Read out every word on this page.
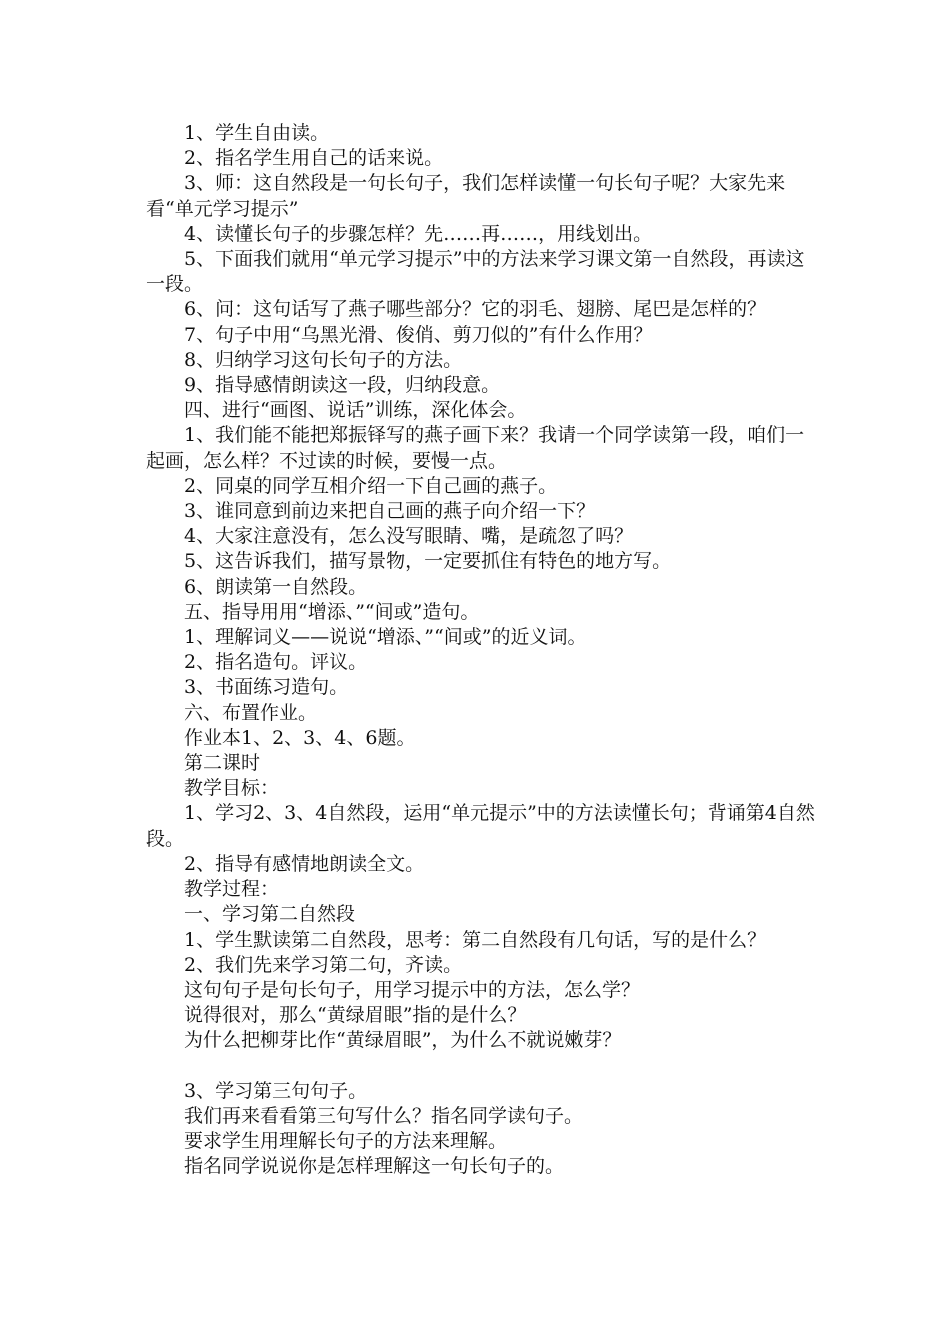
1、学生自由读。

2、指名学生用自己的话来说。

3、师：这自然段是一句长句子，我们怎样读懂一句长句子呢？大家先来看“单元学习提示”

4、读懂长句子的步骤怎样？先……再……，用线划出。

5、下面我们就用“单元学习提示”中的方法来学习课文第一自然段，再读这一段。

6、问：这句话写了燕子哪些部分？它的羽毛、翅膀、尾巴是怎样的？

7、句子中用“乌黑光滑、俊俏、剪刀似的”有什么作用？

8、归纳学习这句长句子的方法。

9、指导感情朗读这一段，归纳段意。

四、进行“画图、说话”训练，深化体会。

1、我们能不能把郑振铎写的燕子画下来？我请一个同学读第一段，咱们一起画，怎么样？不过读的时候，要慢一点。

2、同桌的同学互相介绍一下自己画的燕子。

3、谁同意到前边来把自己画的燕子向介绍一下？

4、大家注意没有，怎么没写眼睛、嘴，是疏忽了吗？

5、这告诉我们，描写景物，一定要抓住有特色的地方写。

6、朗读第一自然段。

五、指导用用“增添、”“间或”造句。

1、理解词义——说说“增添、”“间或”的近义词。

2、指名造句。评议。

3、书面练习造句。

六、布置作业。

作业本1、2、3、4、6题。

第二课时

教学目标：

1、学习2、3、4自然段，运用“单元提示”中的方法读懂长句；背诵第4自然段。

2、指导有感情地朗读全文。

教学过程：

一、学习第二自然段

1、学生默读第二自然段，思考：第二自然段有几句话，写的是什么？

2、我们先来学习第二句，齐读。

这句句子是句长句子，用学习提示中的方法，怎么学？

说得很对，那么“黄绿眉眼”指的是什么？

为什么把柳芽比作“黄绿眉眼”，为什么不就说嫩芽？

3、学习第三句句子。

我们再来看看第三句写什么？指名同学读句子。

要求学生用理解长句子的方法来理解。

指名同学说说你是怎样理解这一句长句子的。
